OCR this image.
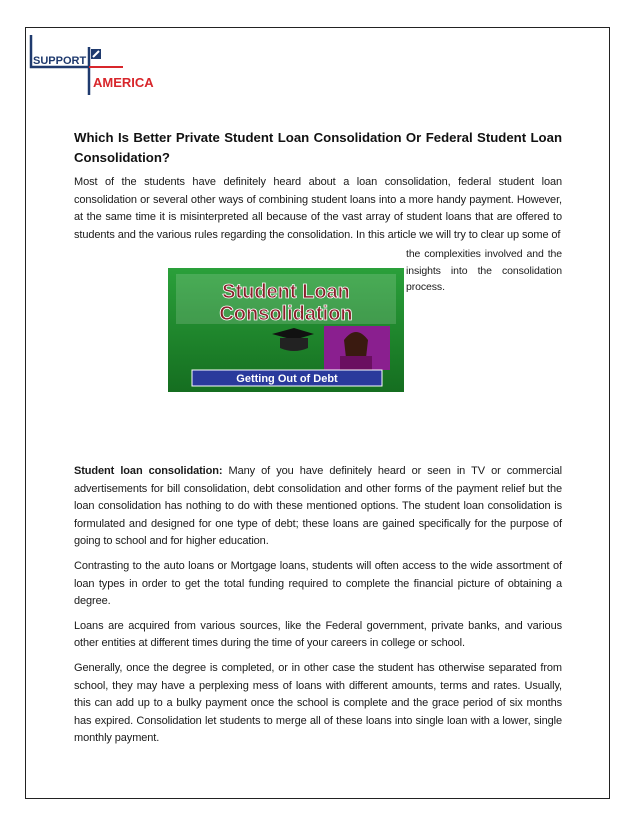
SUPPORT
AMERICA
Which Is Better Private Student Loan Consolidation Or Federal Student Loan Consolidation?

Most of the students have definitely heard about a loan consolidation, federal student loan consolidation or several other ways of combining student loans into a more handy payment. However, at the same time it is misinterpreted all because of the vast array of student loans that are offered to students and the various rules regarding the consolidation. In this article we will try to clear up some of

the complexities involved and the insights into the consolidation process.

Student Loan
Consolidation
Getting Out of Debt

Student loan consolidation: Many of you have definitely heard or seen in TV or commercial advertisements for bill consolidation, debt consolidation and other forms of the payment relief but the loan consolidation has nothing to do with these mentioned options. The student loan consolidation is formulated and designed for one type of debt; these loans are gained specifically for the purpose of going to school and for higher education.

Contrasting to the auto loans or Mortgage loans, students will often access to the wide assortment of loan types in order to get the total funding required to complete the financial picture of obtaining a degree.

Loans are acquired from various sources, like the Federal government, private banks, and various other entities at different times during the time of your careers in college or school.

Generally, once the degree is completed, or in other case the student has otherwise separated from school, they may have a perplexing mess of loans with different amounts, terms and rates. Usually, this can add up to a bulky payment once the school is complete and the grace period of six months has expired. Consolidation let students to merge all of these loans into single loan with a lower, single monthly payment.
